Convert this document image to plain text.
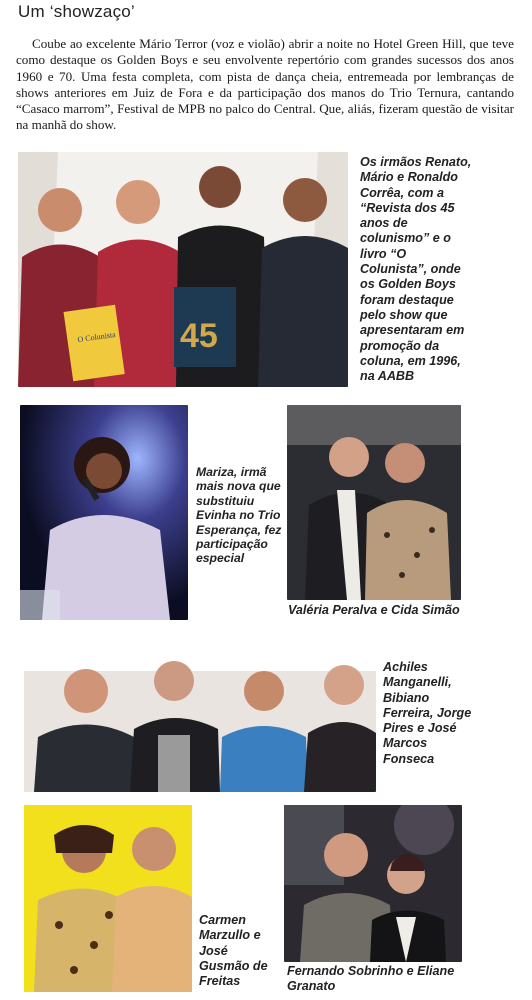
Um ‘showzaço’

Coube ao excelente Mário Terror (voz e violão) abrir a noite no Hotel Green Hill, que teve como destaque os Golden Boys e seu envolvente repertório com grandes sucessos dos anos 1960 e 70. Uma festa completa, com pista de dança cheia, entremeada por lembranças de shows anteriores em Juiz de Fora e da participação dos manos do Trio Ternura, cantando “Casaco marrom”, Festival de MPB no palco do Central. Que, aliás, fizeram questão de visitar na manhã do show.

O Colunista 45

Os irmãos Renato, Mário e Ronaldo Corrêa, com a “Revista dos 45 anos de colunismo” e o livro “O Colunista”, onde os Golden Boys foram destaque pelo show que apresentaram em promoção da coluna, em 1996, na AABB

Mariza, irmã mais nova que substituiu Evinha no Trio Esperança, fez participação especial

Valéria Peralva e Cida Simão

Achiles Manganelli, Bibiano Ferreira, Jorge Pires e José Marcos Fonseca

Carmen Marzullo e José Gusmão de Freitas

Fernando Sobrinho e Eliane Granato
